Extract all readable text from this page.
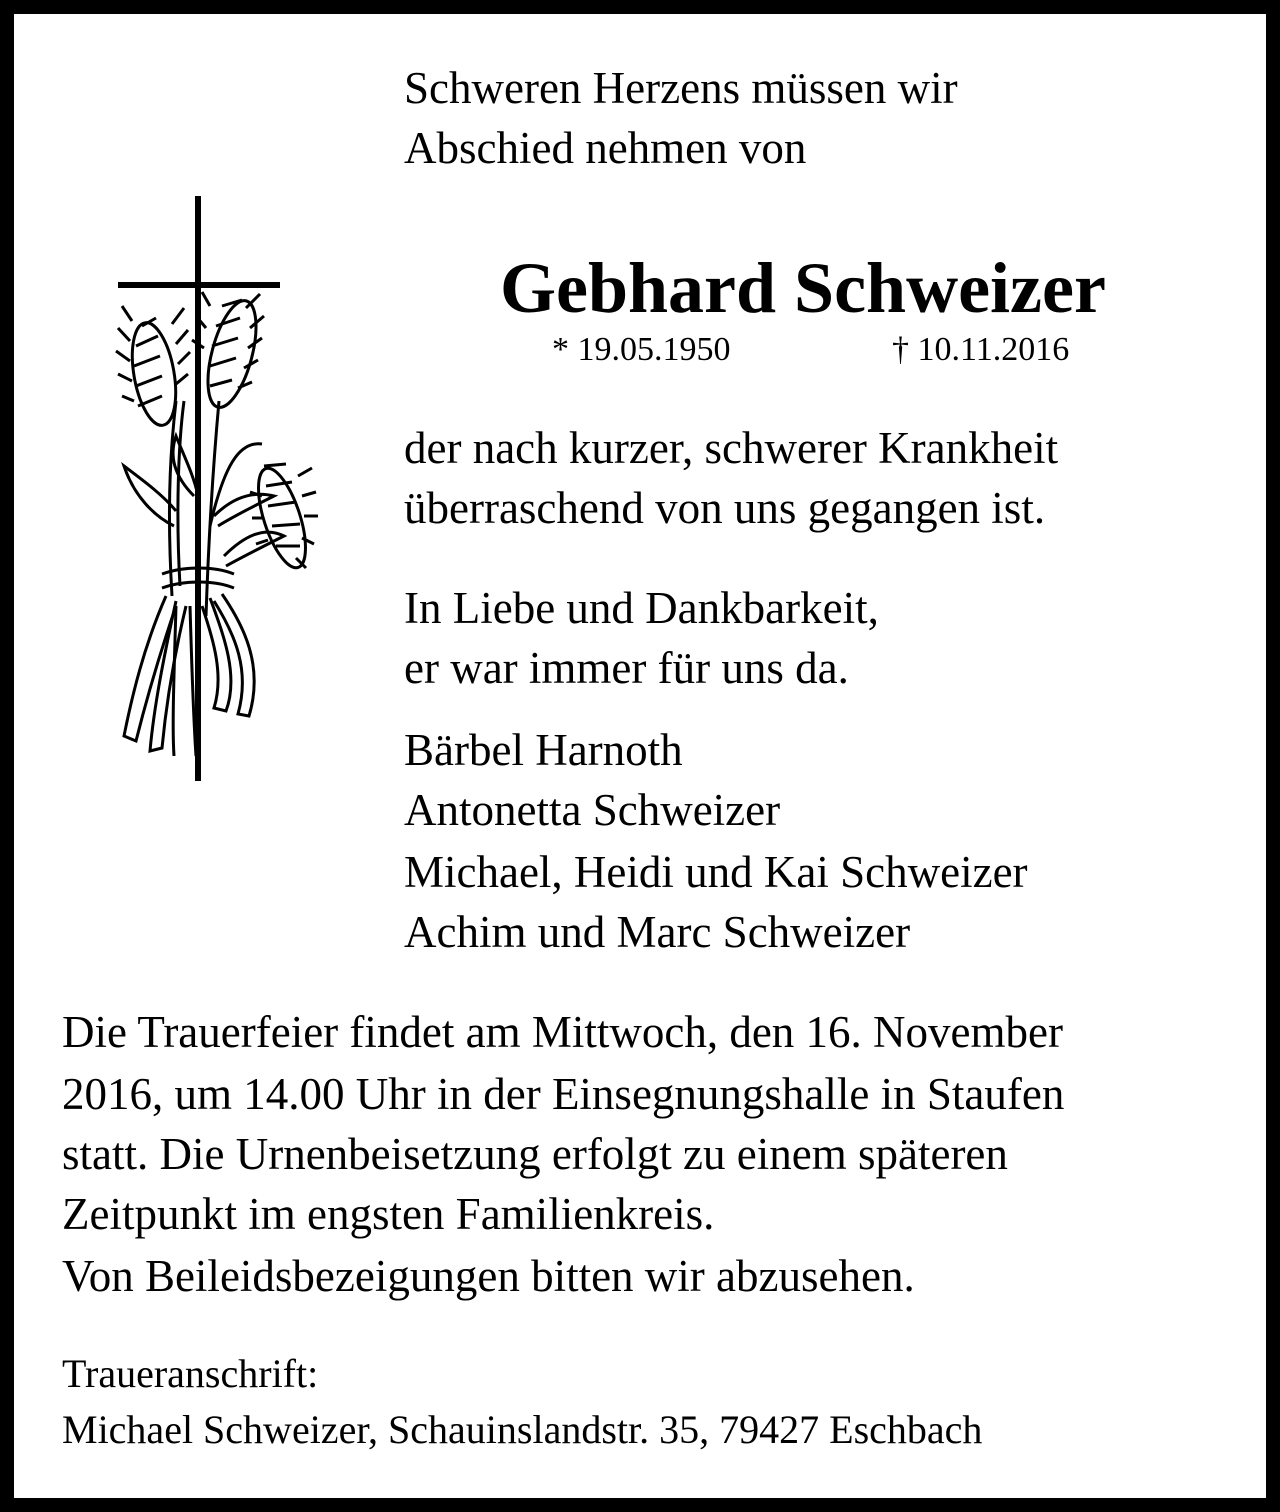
Schweren Herzens müssen wir
Abschied nehmen von
Gebhard Schweizer
* 19.05.1950	† 10.11.2016
der nach kurzer, schwerer Krankheit
überraschend von uns gegangen ist.
In Liebe und Dankbarkeit,
er war immer für uns da.
Bärbel Harnoth
Antonetta Schweizer
Michael, Heidi und Kai Schweizer
Achim und Marc Schweizer
Die Trauerfeier findet am Mittwoch, den 16. November
2016, um 14.00 Uhr in der Einsegnungshalle in Staufen
statt. Die Urnenbeisetzung erfolgt zu einem späteren
Zeitpunkt im engsten Familienkreis.
Von Beileidsbezeigungen bitten wir abzusehen.
Traueranschrift:
Michael Schweizer, Schauinslandstr. 35, 79427 Eschbach
